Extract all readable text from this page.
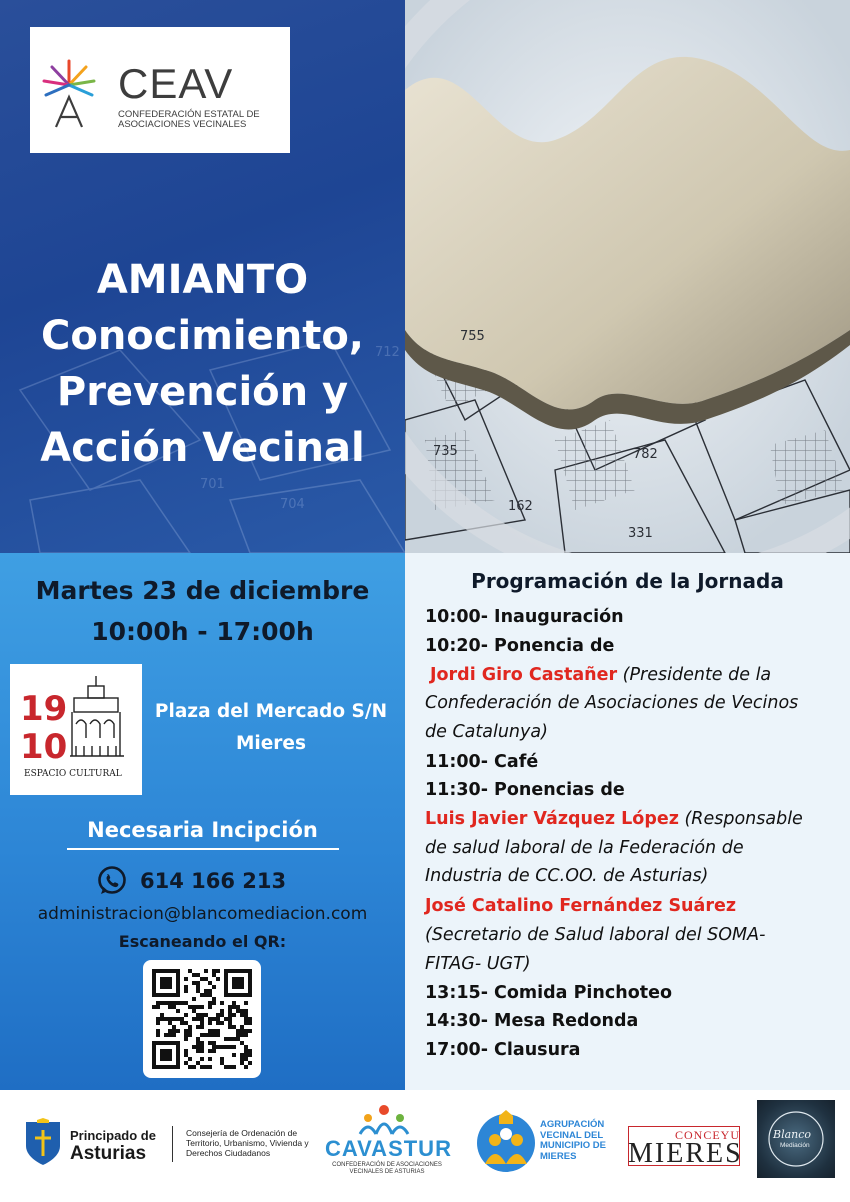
712
701
704
CEAV
CONFEDERACIÓN ESTATAL DE ASOCIACIONES VECINALES
AMIANTO
Conocimiento,
Prevención y
Acción Vecinal
755
735	782
162
331
Martes 23 de diciembre
10:00h - 17:00h
19
10
ESPACIO CULTURAL
Plaza del Mercado S/N
Mieres
Necesaria Incipción
614 166 213
administracion@blancomediacion.com
Escaneando el QR:
Programación de la Jornada
10:00- Inauguración
10:20- Ponencia de
Jordi Giro Castañer (Presidente de la
Confederación de Asociaciones de Vecinos
de Catalunya)
11:00- Café
11:30- Ponencias de
Luis Javier Vázquez López (Responsable
de salud laboral de la Federación de
Industria de CC.OO. de Asturias)
José Catalino Fernández Suárez
(Secretario de Salud laboral del SOMA-
FITAG- UGT)
13:15- Comida Pinchoteo
14:30- Mesa Redonda
17:00- Clausura
Principado de
Asturias
Consejería de Ordenación de Territorio, Urbanismo, Vivienda y Derechos Ciudadanos	CAVASTUR
CONFEDERACIÓN DE ASOCIACIONES VECINALES DE ASTURIAS
AGRUPACIÓN VECINAL DEL MUNICIPIO DE MIERES
CONCEYU
MIERES
Blanco
Mediación
